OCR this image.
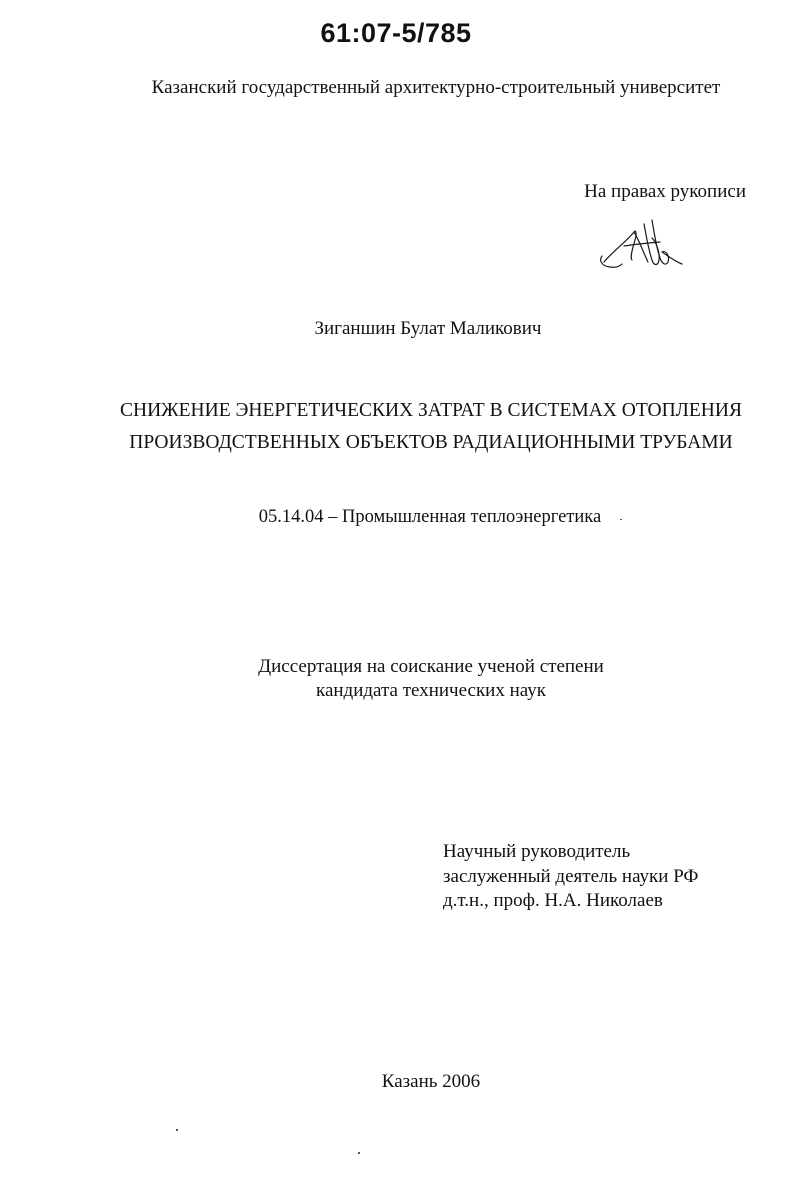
61:07-5/785
Казанский государственный архитектурно-строительный университет
На правах рукописи
Зиганшин Булат Маликович
СНИЖЕНИЕ ЭНЕРГЕТИЧЕСКИХ ЗАТРАТ В СИСТЕМАХ ОТОПЛЕНИЯ
ПРОИЗВОДСТВЕННЫХ ОБЪЕКТОВ РАДИАЦИОННЫМИ ТРУБАМИ
05.14.04 – Промышленная теплоэнергетика
Диссертация на соискание ученой степени
кандидата технических наук
Научный руководитель
заслуженный деятель науки РФ
д.т.н., проф. Н.А. Николаев
Казань 2006
